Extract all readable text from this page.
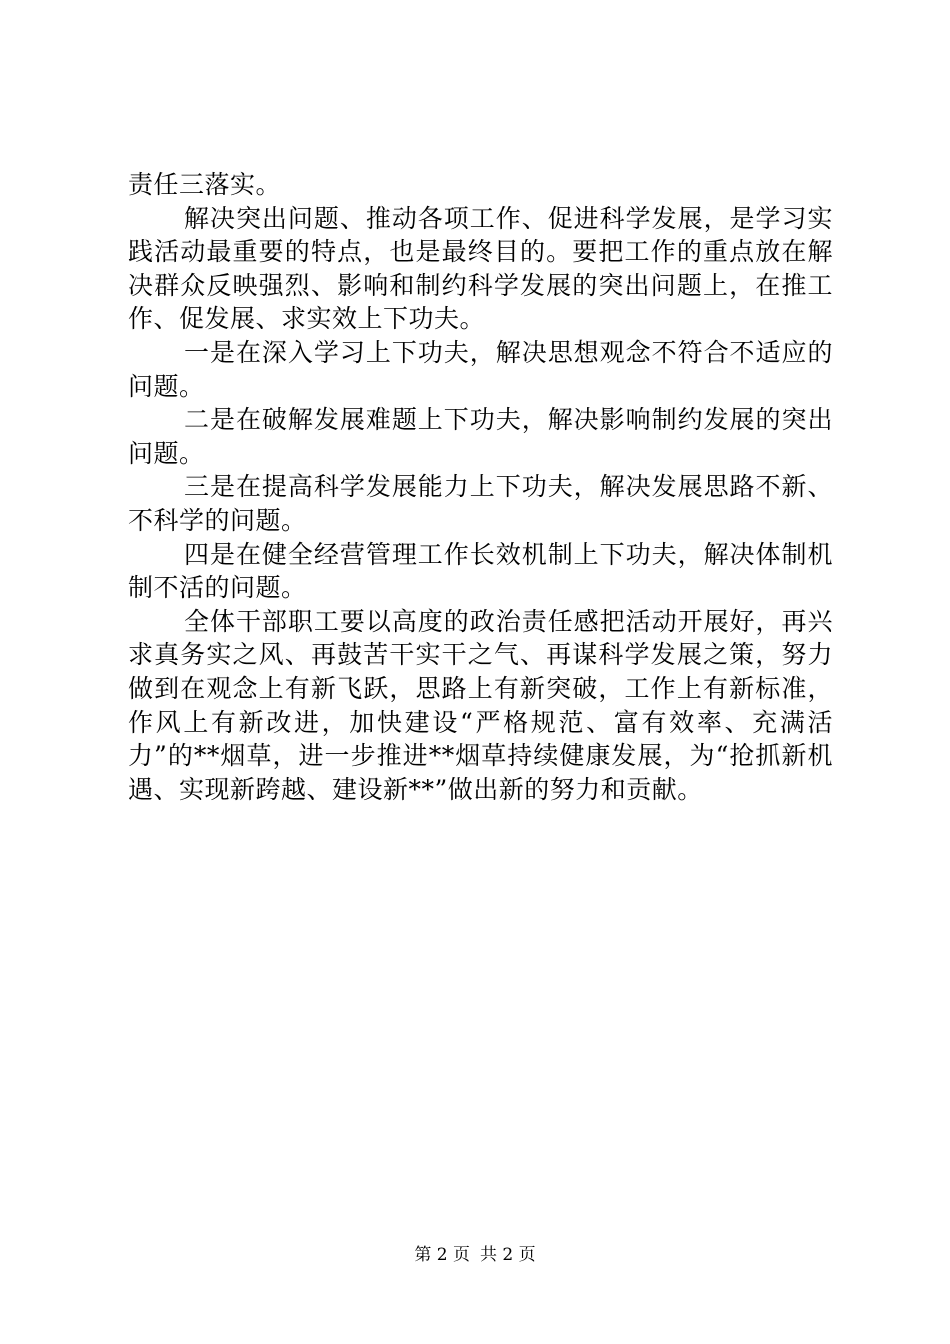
责任三落实。

解决突出问题、推动各项工作、促进科学发展，是学习实践活动最重要的特点，也是最终目的。要把工作的重点放在解决群众反映强烈、影响和制约科学发展的突出问题上，在推工作、促发展、求实效上下功夫。

一是在深入学习上下功夫，解决思想观念不符合不适应的问题。

二是在破解发展难题上下功夫，解决影响制约发展的突出问题。

三是在提高科学发展能力上下功夫，解决发展思路不新、不科学的问题。

四是在健全经营管理工作长效机制上下功夫，解决体制机制不活的问题。

全体干部职工要以高度的政治责任感把活动开展好，再兴求真务实之风、再鼓苦干实干之气、再谋科学发展之策，努力做到在观念上有新飞跃，思路上有新突破，工作上有新标准，作风上有新改进，加快建设“严格规范、富有效率、充满活力”的**烟草，进一步推进**烟草持续健康发展，为“抢抓新机遇、实现新跨越、建设新**”做出新的努力和贡献。

第 2 页 共 2 页
